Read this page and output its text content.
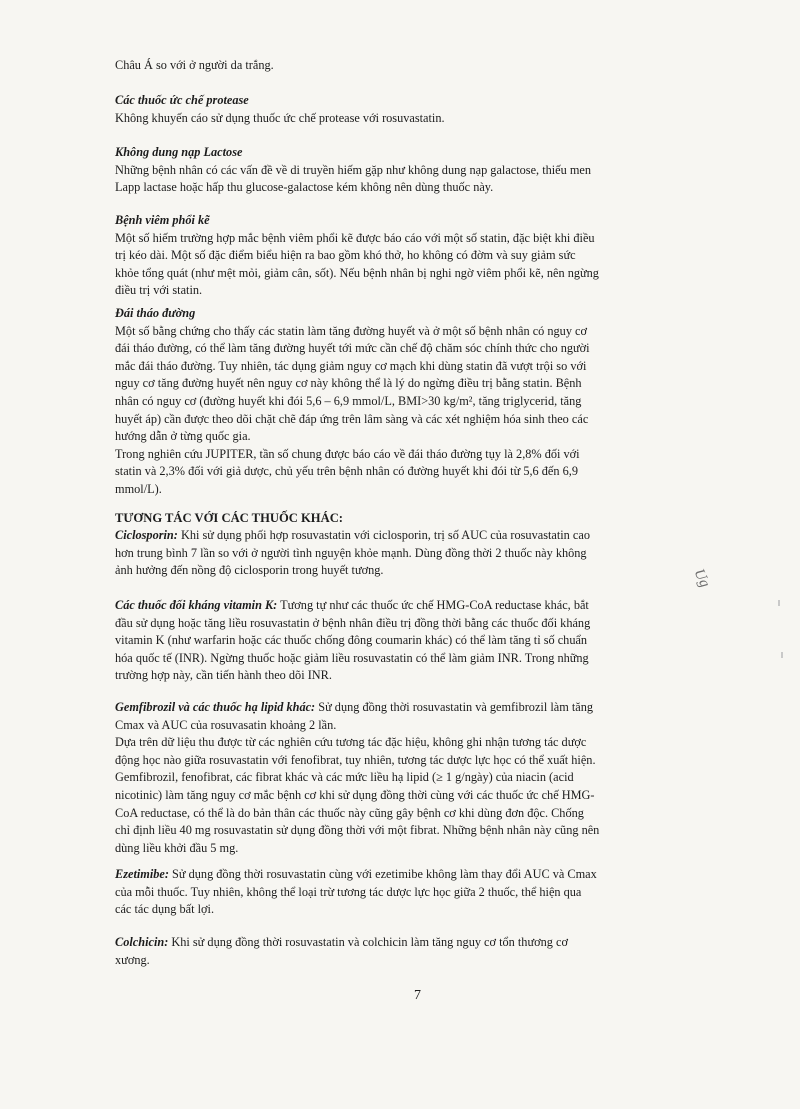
Châu Á so với ở người da trắng.

Các thuốc ức chế protease

Không khuyến cáo sử dụng thuốc ức chế protease với rosuvastatin.

Không dung nạp Lactose

Những bệnh nhân có các vấn đề về di truyền hiếm gặp như không dung nạp galactose, thiếu men

Lapp lactase hoặc hấp thu glucose-galactose kém không nên dùng thuốc này.

Bệnh viêm phổi kẽ

Một số hiếm trường hợp mắc bệnh viêm phổi kẽ được báo cáo với một số statin, đặc biệt khi điều

trị kéo dài. Một số đặc điểm biểu hiện ra bao gồm khó thở, ho không có đờm và suy giảm sức

khỏe tổng quát (như mệt mỏi, giảm cân, sốt). Nếu bệnh nhân bị nghi ngờ viêm phổi kẽ, nên ngừng

điều trị với statin.

Đái tháo đường

Một số bằng chứng cho thấy các statin làm tăng đường huyết và ở một số bệnh nhân có nguy cơ

đái tháo đường, có thể làm tăng đường huyết tới mức cần chế độ chăm sóc chính thức cho người

mắc đái tháo đường. Tuy nhiên, tác dụng giảm nguy cơ mạch khi dùng statin đã vượt trội so với

nguy cơ tăng đường huyết nên nguy cơ này không thể là lý do ngừng điều trị bằng statin. Bệnh

nhân có nguy cơ (đường huyết khi đói 5,6 – 6,9 mmol/L, BMI>30 kg/m², tăng triglycerid, tăng

huyết áp) cần được theo dõi chặt chẽ đáp ứng trên lâm sàng và các xét nghiệm hóa sinh theo các

hướng dẫn ở từng quốc gia.

Trong nghiên cứu JUPITER, tần số chung được báo cáo về đái tháo đường tụy là 2,8% đối với

statin và 2,3% đối với giả dược, chủ yếu trên bệnh nhân có đường huyết khi đói từ 5,6 đến 6,9

mmol/L).

TƯƠNG TÁC VỚI CÁC THUỐC KHÁC:

Ciclosporin: Khi sử dụng phối hợp rosuvastatin với ciclosporin, trị số AUC của rosuvastatin cao

hơn trung bình 7 lần so với ở người tình nguyện khỏe mạnh. Dùng đồng thời 2 thuốc này không

ảnh hưởng đến nồng độ ciclosporin trong huyết tương.

Các thuốc đối kháng vitamin K: Tương tự như các thuốc ức chế HMG-CoA reductase khác, bắt

đầu sử dụng hoặc tăng liều rosuvastatin ở bệnh nhân điều trị đồng thời bằng các thuốc đối kháng

vitamin K (như warfarin hoặc các thuốc chống đông coumarin khác) có thể làm tăng tỉ số chuẩn

hóa quốc tế (INR). Ngừng thuốc hoặc giảm liều rosuvastatin có thể làm giảm INR. Trong những

trường hợp này, cần tiến hành theo dõi INR.

Gemfibrozil và các thuốc hạ lipid khác: Sử dụng đồng thời rosuvastatin và gemfibrozil làm tăng

Cmax và AUC của rosuvasatin khoảng 2 lần.

Dựa trên dữ liệu thu được từ các nghiên cứu tương tác đặc hiệu, không ghi nhận tương tác dược

động học nào giữa rosuvastatin với fenofibrat, tuy nhiên, tương tác dược lực học có thể xuất hiện.

Gemfibrozil, fenofibrat, các fibrat khác và các mức liều hạ lipid (≥ 1 g/ngày) của niacin (acid

nicotinic) làm tăng nguy cơ mắc bệnh cơ khi sử dụng đồng thời cùng với các thuốc ức chế HMG-

CoA reductase, có thể là do bản thân các thuốc này cũng gây bệnh cơ khi dùng đơn độc. Chống

chỉ định liều 40 mg rosuvastatin sử dụng đồng thời với một fibrat. Những bệnh nhân này cũng nên

dùng liều khởi đầu 5 mg.

Ezetimibe: Sử dụng đồng thời rosuvastatin cùng với ezetimibe không làm thay đổi AUC và Cmax

của mỗi thuốc. Tuy nhiên, không thể loại trừ tương tác dược lực học giữa 2 thuốc, thể hiện qua

các tác dụng bất lợi.

Colchicin: Khi sử dụng đồng thời rosuvastatin và colchicin làm tăng nguy cơ tổn thương cơ

xương.

7
Ug
